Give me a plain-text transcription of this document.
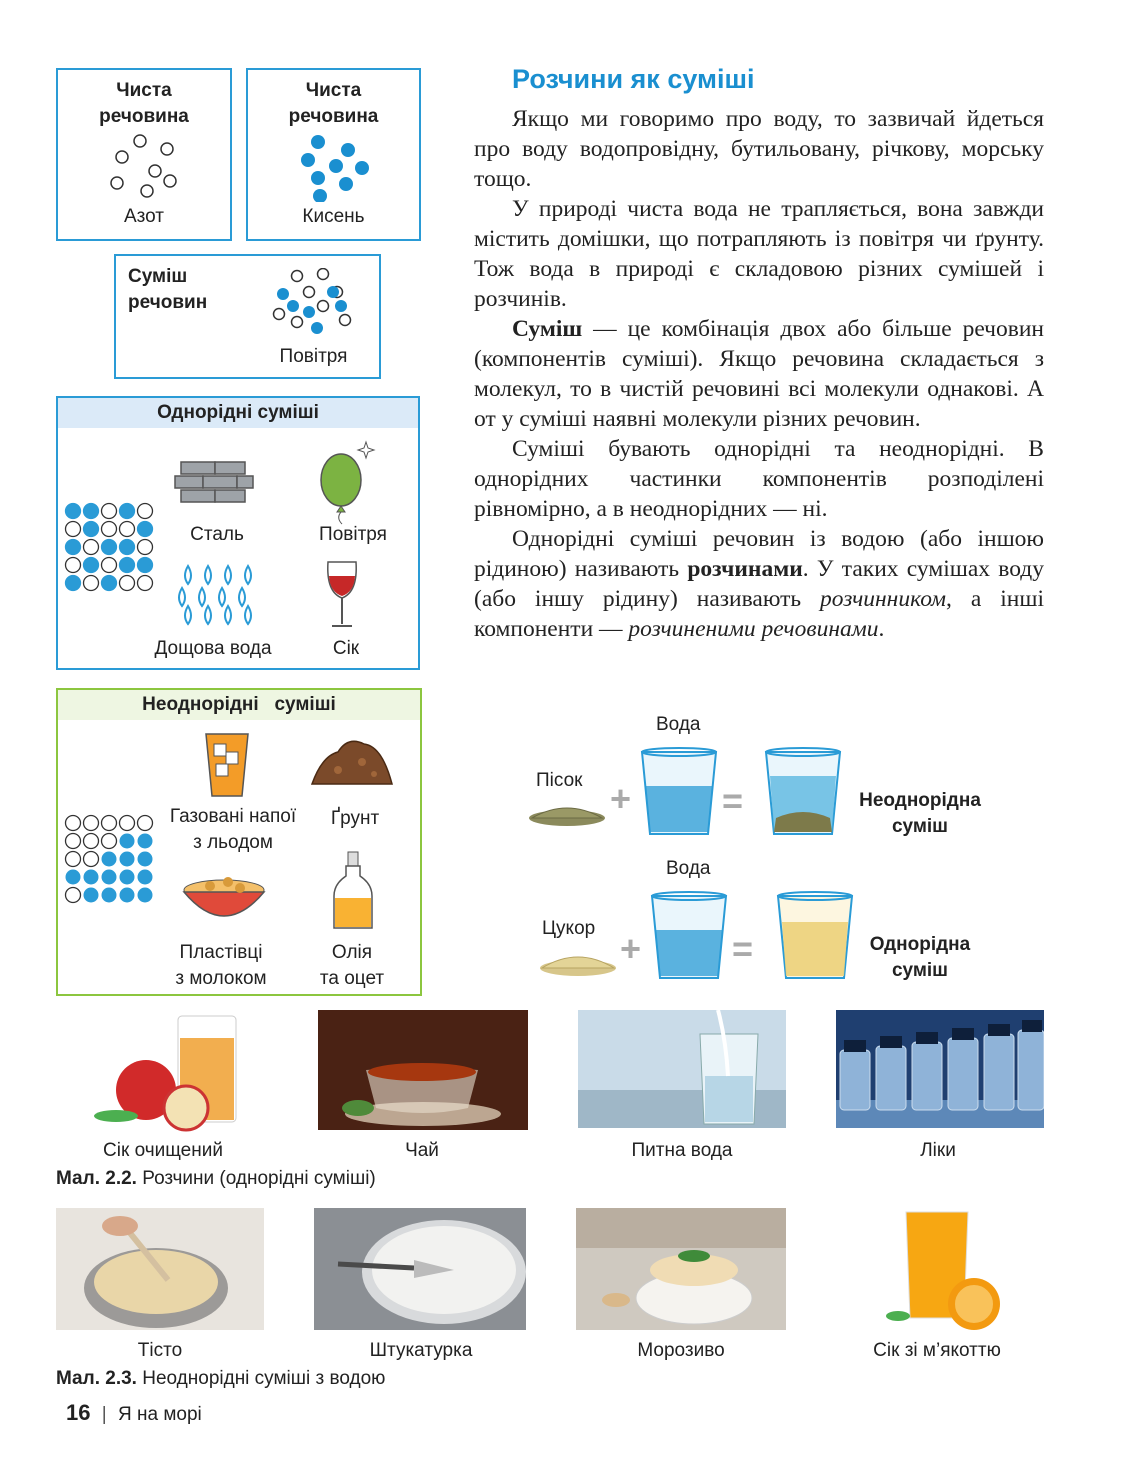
Чиста
речовина
Азот
Чиста
речовина
Кисень
Суміш
речовин
Повітря
Однорідні суміші
Сталь	Повітря
Дощова вода	Сік
Неоднорідні   суміші
Газовані напої
з льодом
Ґрунт
Пластівці
з молоком
Олія
та оцет
Розчини як суміші

Якщо ми говоримо про воду, то зазвичай йдеться про воду водопровідну, бутильовану, річкову, морську тощо.

У природі чиста вода не трапляється, вона завжди містить домішки, що потрапляють із повітря чи ґрунту. Тож вода в природі є складовою різних сумішей і розчинів.

Суміш — це комбінація двох або більше речовин (компонентів суміші). Якщо речовина складається з молекул, то в чистій речовині всі молекули однакові. А от у суміші наявні молекули різних речовин.

Суміші бувають однорідні та неоднорідні. В однорідних частинки компонентів розподілені рівномірно, а в неоднорідних — ні.

Однорідні суміші речовин із водою (або іншою рідиною) називають розчинами. У таких сумішах воду (або іншу рідину) називають розчинником, а інші компоненти — розчиненими речовинами.

Вода
Пісок +	=	Неоднорідна
суміш
Вода
Цукор +	=	Однорідна
суміш
Сік очищений	Чай	Питна вода	Ліки
Мал. 2.2. Розчини (однорідні суміші)
Тісто	Штукатурка	Морозиво	Сік зі м’якоттю
Мал. 2.3. Неоднорідні суміші з водою
16 | Я на морі
